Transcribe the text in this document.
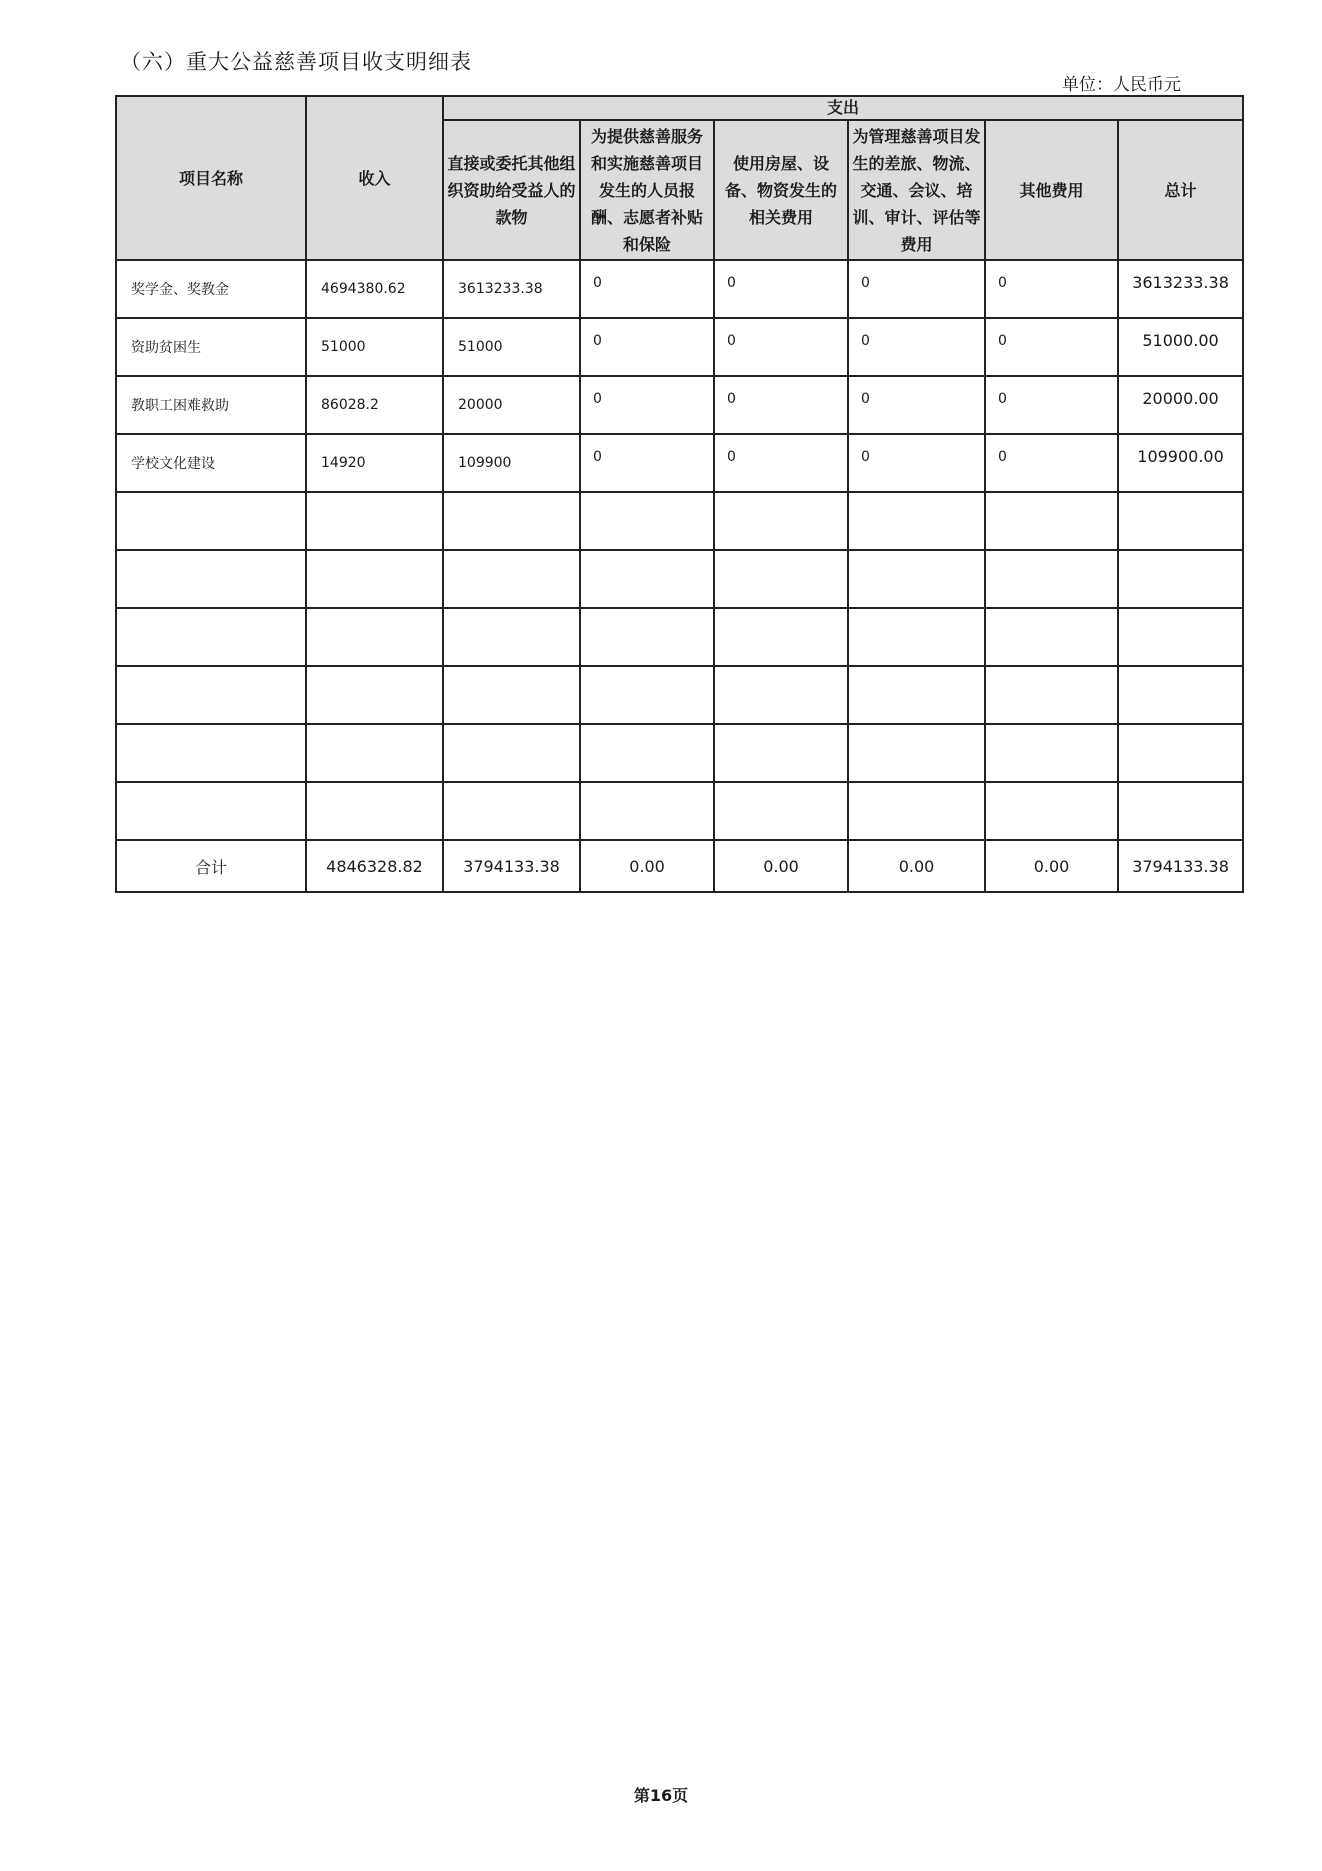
（六）重大公益慈善项目收支明细表
单位：人民币元
项目名称	收入	支出					
		直接或委托其他组织资助给受益人的款物	为提供慈善服务和实施慈善项目发生的人员报酬、志愿者补贴和保险	使用房屋、设备、物资发生的相关费用	为管理慈善项目发生的差旅、物流、交通、会议、培训、审计、评估等费用	其他费用	总计
奖学金、奖教金	4694380.62	3613233.38	0	0	0	0	3613233.38
资助贫困生	51000	51000	0	0	0	0	51000.00
教职工困难救助	86028.2	20000	0	0	0	0	20000.00
学校文化建设	14920	109900	0	0	0	0	109900.00

合计	4846328.82	3794133.38	0.00	0.00	0.00	0.00	3794133.38
第16页
